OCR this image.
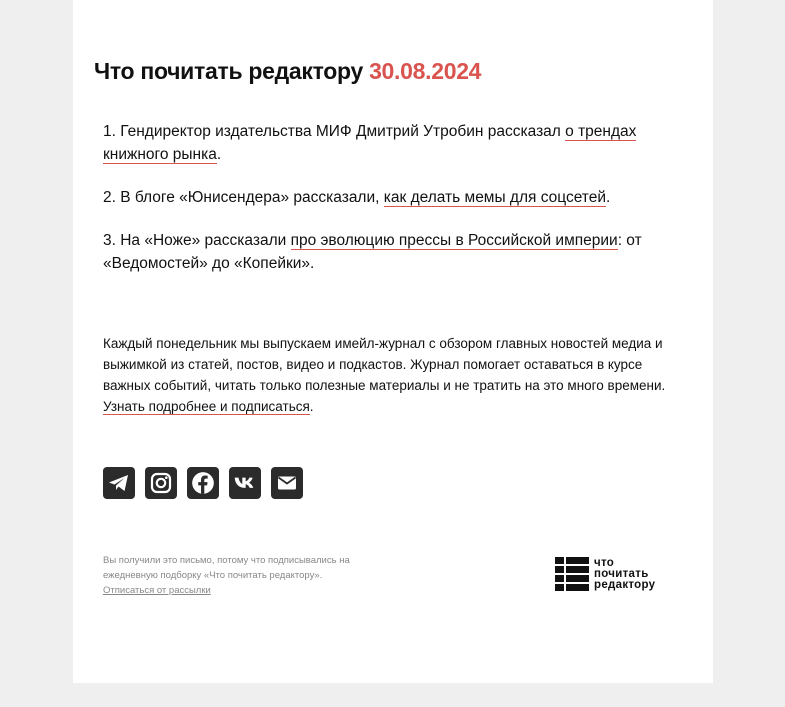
Что почитать редактору 30.08.2024

1. Гендиректор издательства МИФ Дмитрий Утробин рассказал о трендах книжного рынка.

2. В блоге «Юнисендера» рассказали, как делать мемы для соцсетей.

3. На «Ноже» рассказали про эволюцию прессы в Российской империи: от «Ведомостей» до «Копейки».

Каждый понедельник мы выпускаем имейл-журнал с обзором главных новостей медиа и выжимкой из статей, постов, видео и подкастов. Журнал помогает оставаться в курсе важных событий, читать только полезные материалы и не тратить на это много времени. Узнать подробнее и подписаться.

Вы получили это письмо, потому что подписывались на ежедневную подборку «Что почитать редактору».
Отписаться от рассылки

что
почитать
редактору
